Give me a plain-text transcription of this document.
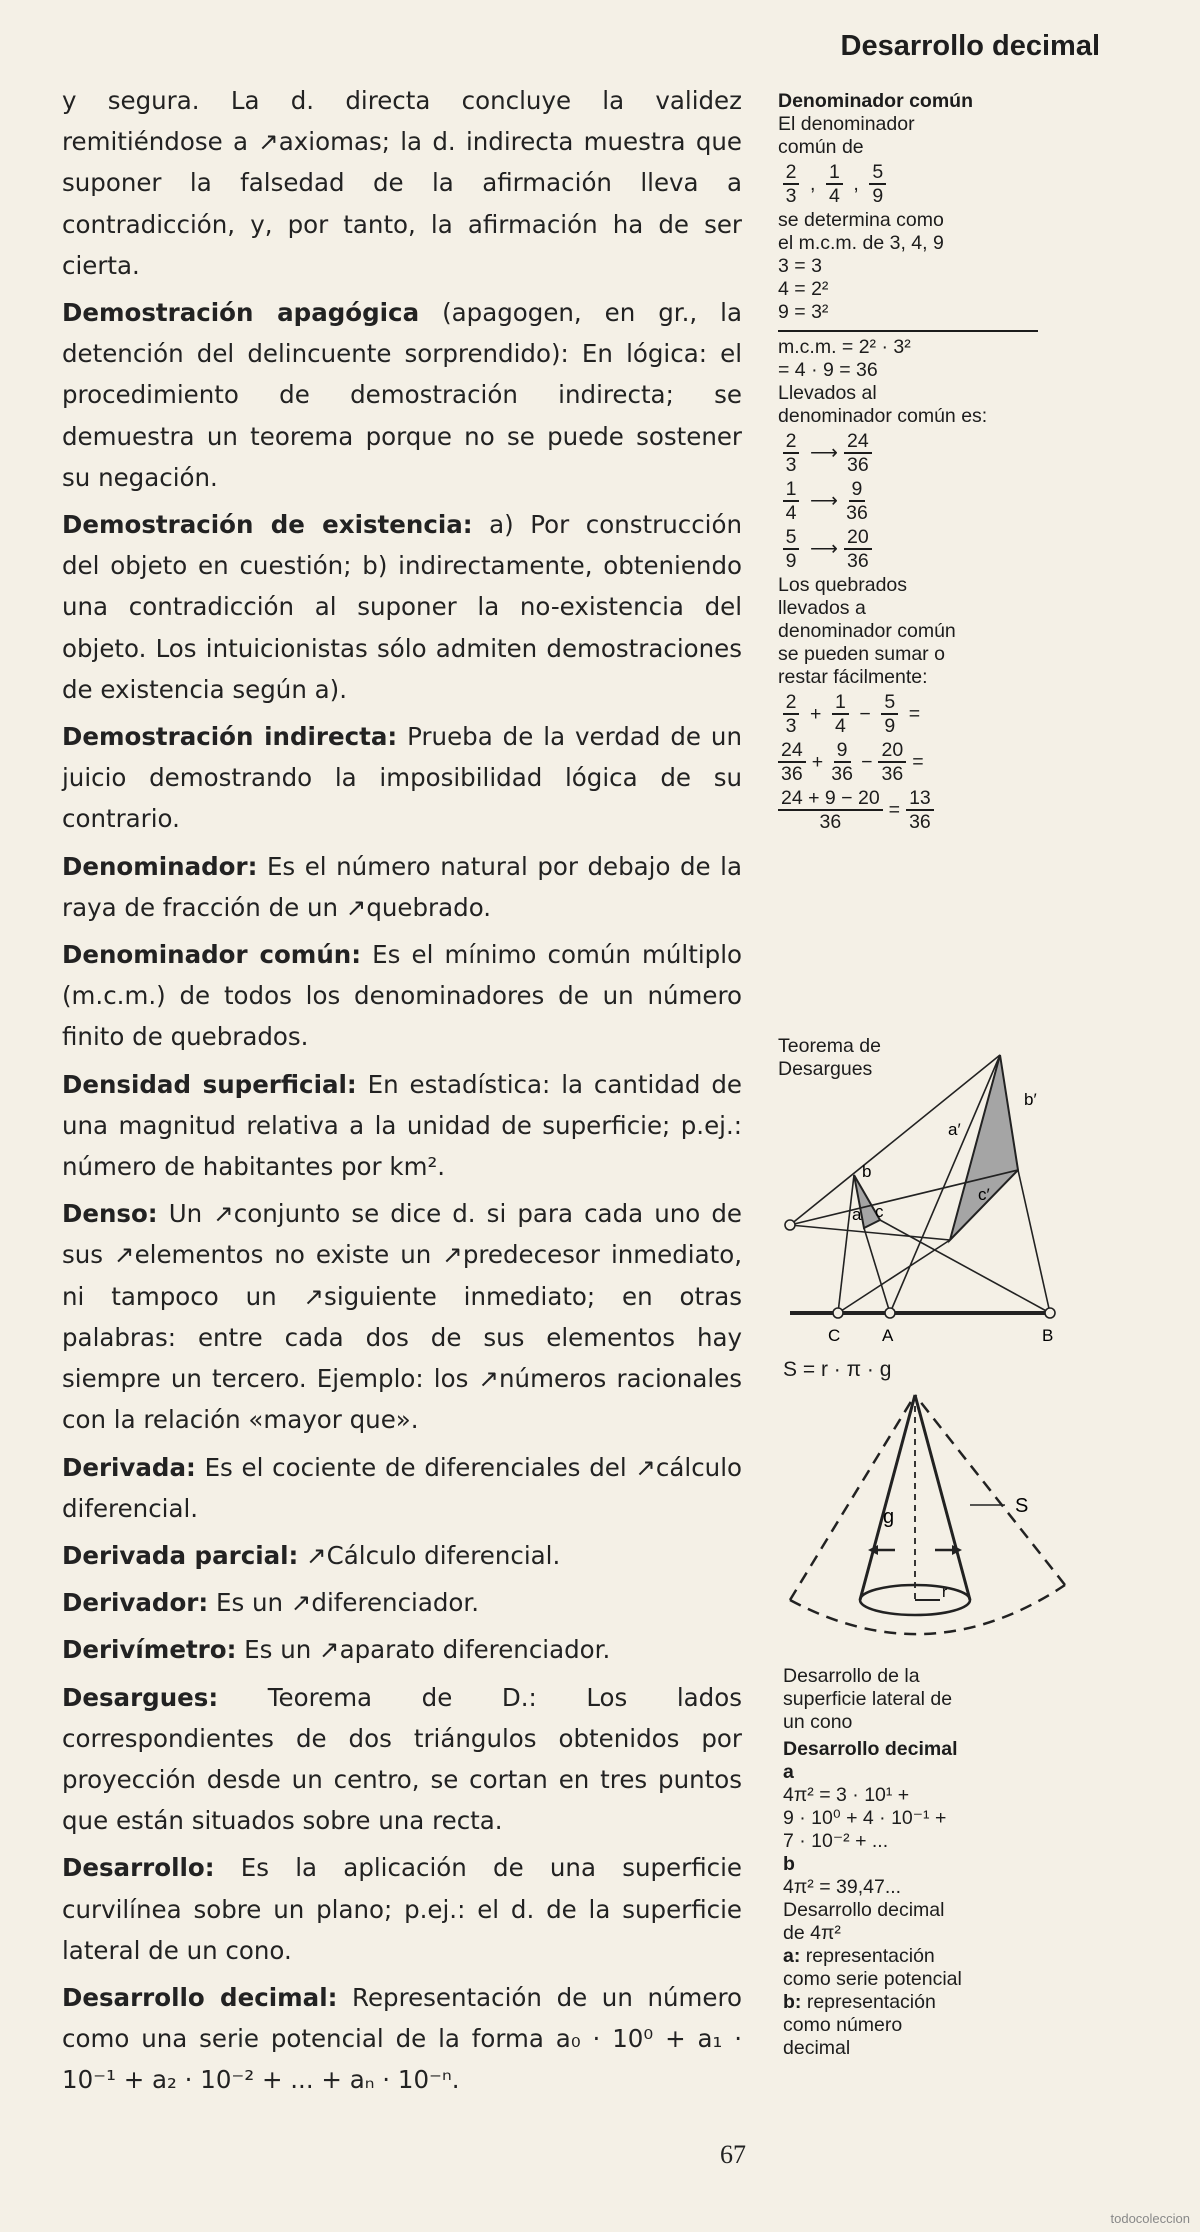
Desarrollo decimal

y segura. La d. directa concluye la validez remitiéndose a ↗axiomas; la d. indirecta muestra que suponer la falsedad de la afirmación lleva a contradicción, y, por tanto, la afirmación ha de ser cierta.

Demostración apagógica (apagogen, en gr., la detención del delincuente sorprendido): En lógica: el procedimiento de demostración indirecta; se demuestra un teorema porque no se puede sostener su negación.

Demostración de existencia: a) Por construcción del objeto en cuestión; b) indirectamente, obteniendo una contradicción al suponer la no-existencia del objeto. Los intuicionistas sólo admiten demostraciones de existencia según a).

Demostración indirecta: Prueba de la verdad de un juicio demostrando la imposibilidad lógica de su contrario.

Denominador: Es el número natural por debajo de la raya de fracción de un ↗quebrado.

Denominador común: Es el mínimo común múltiplo (m.c.m.) de todos los denominadores de un número finito de quebrados.

Densidad superficial: En estadística: la cantidad de una magnitud relativa a la unidad de superficie; p.ej.: número de habitantes por km².

Denso: Un ↗conjunto se dice d. si para cada uno de sus ↗elementos no existe un ↗predecesor inmediato, ni tampoco un ↗siguiente inmediato; en otras palabras: entre cada dos de sus elementos hay siempre un tercero. Ejemplo: los ↗números racionales con la relación «mayor que».

Derivada: Es el cociente de diferenciales del ↗cálculo diferencial.

Derivada parcial: ↗Cálculo diferencial.

Derivador: Es un ↗diferenciador.

Derivímetro: Es un ↗aparato diferenciador.

Desargues: Teorema de D.: Los lados correspondientes de dos triángulos obtenidos por proyección desde un centro, se cortan en tres puntos que están situados sobre una recta.

Desarrollo: Es la aplicación de una superficie curvilínea sobre un plano; p.ej.: el d. de la superficie lateral de un cono.

Desarrollo decimal: Representación de un número como una serie potencial de la forma a₀ · 10⁰ + a₁ · 10⁻¹ + a₂ · 10⁻² + ... + aₙ · 10⁻ⁿ.

Denominador común
El denominador
común de
$\frac{2}{3}$ , $\frac{1}{4}$ , $\frac{5}{9}$
se determina como
el m.c.m. de 3, 4, 9
3 = 3
4 = 2²
9 = 3²
m.c.m. = 2² · 3²
= 4 · 9 = 36
Llevados al
denominador común es:
$\frac{2}{3}$ ⟶ $\frac{24}{36}$
$\frac{1}{4}$ ⟶ $\frac{9}{36}$
$\frac{5}{9}$ ⟶ $\frac{20}{36}$
Los quebrados
llevados a
denominador común
se pueden sumar o
restar fácilmente:
$\frac{2}{3} + \frac{1}{4} - \frac{5}{9}$ =
$\frac{24}{36} + \frac{9}{36} - \frac{20}{36}$ =
$\frac{24 + 9 - 20}{36} = \frac{13}{36}$
Teorema de
Desargues
b
a c
a′
b′
c′
C A	B
S = r · π · g
g	S
r
Desarrollo de la
superficie lateral de
un cono
Desarrollo decimal
a
4π² = 3 · 10¹ +
9 · 10⁰ + 4 · 10⁻¹ +
7 · 10⁻² + ...
b
4π² = 39,47...
Desarrollo decimal
de 4π²
a: representación
como serie potencial
b: representación
como número
decimal
67
todocoleccion
